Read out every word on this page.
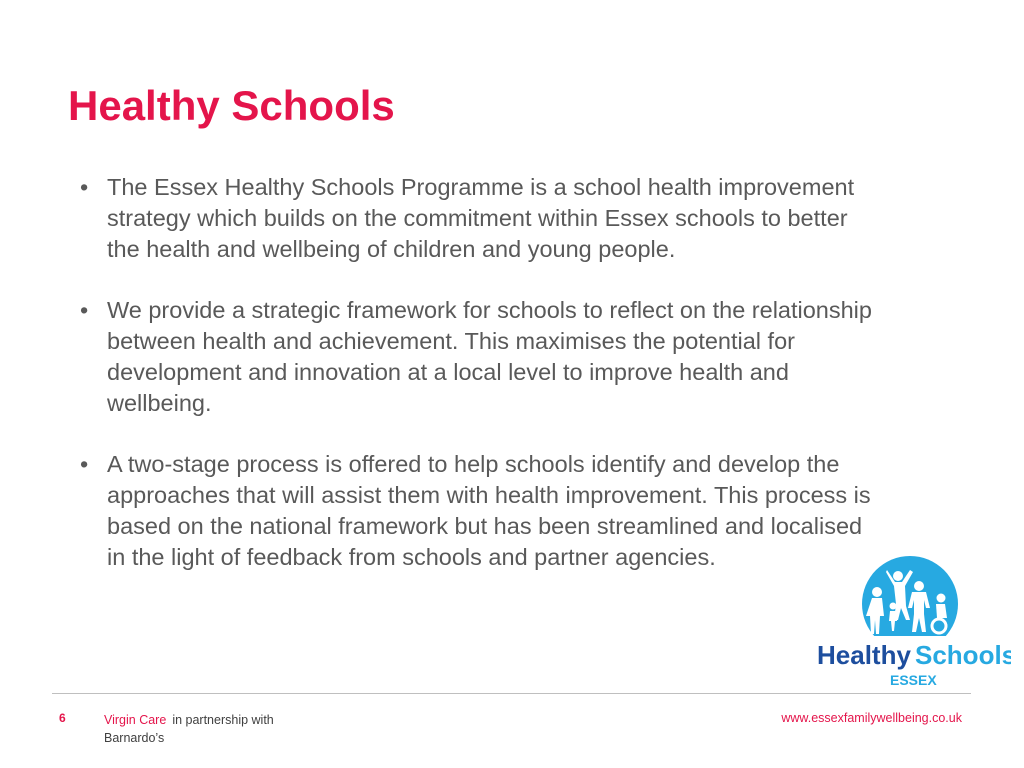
Healthy Schools
• The Essex Healthy Schools Programme is a school health improvement strategy which builds on the commitment within Essex schools to better the health and wellbeing of children and young people.
• We provide a strategic framework for schools to reflect on the relationship between health and achievement. This maximises the potential for development and innovation at a local level to improve health and wellbeing.
• A two-stage process is offered to help schools identify and develop the approaches that will assist them with health improvement. This process is based on the national framework but has been streamlined and localised in the light of feedback from schools and partner agencies.
Healthy Schools
ESSEX
6	Virgin Care in partnership with
Barnardo’s
www.essexfamilywellbeing.co.uk
